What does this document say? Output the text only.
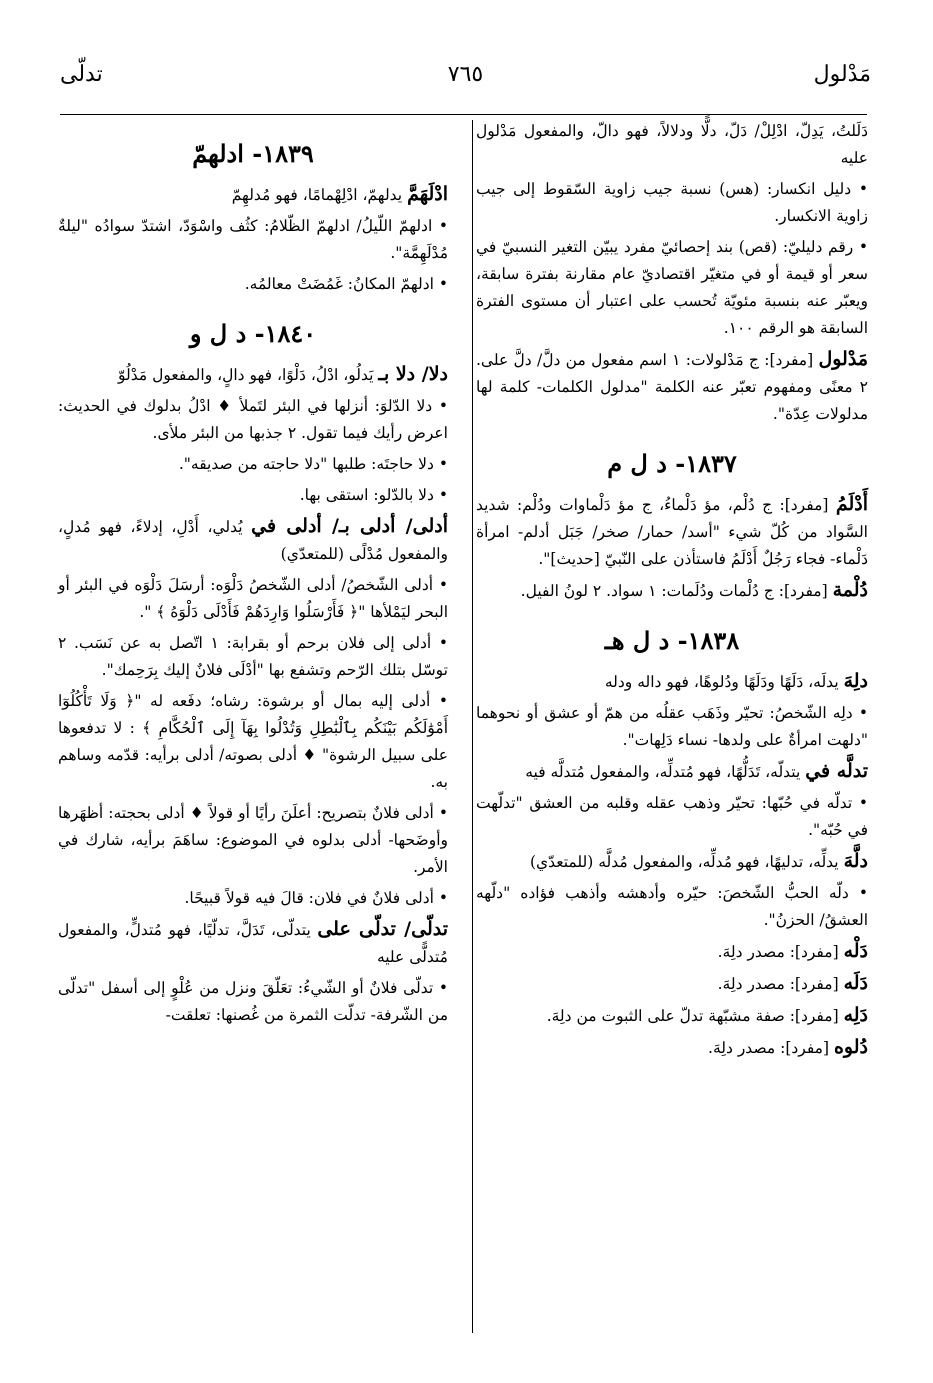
مَدْلول
٧٦٥
تدلّى

دَلَلتُ، يَدِلّ، ادْلِلْ/ دَلّ، دلًّا ودلالاً، فهو دالّ، والمفعول مَدْلول عليه

• دليل انكسار: (هس) نسبة جيب زاوية السّقوط إلى جيب زاوية الانكسار.

• رقم دليليّ: (قص) بند إحصائيّ مفرد يبيّن التغير النسبيّ في سعر أو قيمة أو في متغيّر اقتصاديّ عام مقارنة بفترة سابقة، ويعبّر عنه بنسبة مئويّة تُحسب على اعتبار أن مستوى الفترة السابقة هو الرقم ١٠٠.

مَدْلول [مفرد]: ج مَدْلولات: ١ اسم مفعول من دلَّ/ دلَّ على. ٢ معنًى ومفهوم تعبّر عنه الكلمة "مدلول الكلمات- كلمة لها مدلولات عِدّة".

١٨٣٧- د ل م

أَدْلَمُ [مفرد]: ج دُلْم، مؤ دَلْماءُ، ج مؤ دَلْماوات ودُلْم: شديد السَّواد من كُلّ شيء "أسد/ حمار/ صخر/ جَبَل أدلم- امرأة دَلْماء- فجاء رَجُلٌ أَدْلَمُ فاستأذن على النّبيّ [حديث]".

دُلْمة [مفرد]: ج دُلْمات ودُلَمات: ١ سواد. ٢ لونُ الفيل.

١٨٣٨- د ل هـ

دلِهَ يدلَه، دَلَهًا ودَلَهًا ودُلوهًا، فهو داله ودله

• دلِه الشّخصُ: تحيّر وذَهَب عقلُه من همّ أو عشق أو نحوهما "دلهت امرأةٌ على ولدها- نساء دَلِهات".

تدلَّه في يتدلّه، تَدَلُّهًا، فهو مُتدلِّه، والمفعول مُتدلَّه فيه

• تدلّه في حُبّها: تحيّر وذهب عقله وقلبه من العشق "تدلّهت في حُبّه".

دلَّهَ يدلِّه، تدليهًا، فهو مُدلِّه، والمفعول مُدلَّه (للمتعدّي)

• دلّه الحبُّ الشّخصَ: حيّره وأدهشه وأذهب فؤاده "دلّهه العشقُ/ الحزنُ".

دَلْه [مفرد]: مصدر دلِهَ.

دَلَه [مفرد]: مصدر دلِهَ.

دَلِه [مفرد]: صفة مشبّهة تدلّ على الثبوت من دلِهَ.

دُلوه [مفرد]: مصدر دلِهَ.

١٨٣٩- ادلهمّ

ادْلَهَمَّ يدلهمّ، ادْلِهْمامًا، فهو مُدلهِمّ

• ادلهمّ اللّيلُ/ ادلهمّ الظّلامُ: كثُف واسْوَدّ، اشتدّ سوادُه "ليلةٌ مُدْلَهِمَّة".

• ادلهمّ المكانُ: غَمُضَتْ معالمُه.

١٨٤٠- د ل و

دلا/ دلا بـ يَدلُو، ادْلُ، دَلْوًا، فهو دالٍ، والمفعول مَدْلُوّ

• دلا الدّلوَ: أنزلها في البئر لتَملأ ♦ ادْلُ بدلوك في الحديث: اعرض رأيك فيما تقول. ٢ جذبها من البئر ملأى.

• دلا حاجتَه: طلبها "دلا حاجته من صديقه".

• دلا بالدّلو: استقى بها.

أدلى/ أدلى بـ/ أدلى في يُدلي، أَدْلِ، إدلاءً، فهو مُدلٍ، والمفعول مُدْلًى (للمتعدّي)

• أدلى الشّخصُ/ أدلى الشّخصُ دَلْوَه: أرسَلَ دَلْوَه في البئر أو البحر ليَمْلأها "﴿ فَأَرْسَلُوا وَارِدَهُمْ فَأَدْلَى دَلْوَهُ ﴾ ".

• أدلى إلى فلان برحم أو بقرابة: ١ اتّصل به عن نَسَب. ٢ توسّل بتلك الرّحم وتشفع بها "أدْلَى فلانٌ إليك بِرَحِمك".

• أدلى إليه بمال أو برشوة: رشاه؛ دفَعه له "﴿ وَلَا تَأْكُلُوٓا أَمْوَٰلَكُم بَيْنَكُم بِٱلْبَٰطِلِ وَتُدْلُوا بِهَآ إِلَى ٱلْحُكَّامِ ﴾ : لا تدفعوها على سبيل الرشوة" ♦ أدلى بصوته/ أدلى برأيه: قدّمه وساهم به.

• أدلى فلانٌ بتصريح: أعلَنَ رأيًا أو قولاً ♦ أدلى بحجته: أظهَرها وأوضَحها- أدلى بدلوه في الموضوع: ساهَمَ برأيه، شارك في الأمر.

• أدلى فلانٌ في فلان: قالَ فيه قولاً قبيحًا.

تدلّى/ تدلّى على يتدلّى، تَدَلَّ، تدلّيًا، فهو مُتدلٍّ، والمفعول مُتدلًّى عليه

• تدلّى فلانٌ أو الشّيءُ: تعَلّقَ ونزل من عُلْوٍ إلى أسفل "تدلّى من الشّرفة- تدلّت الثمرة من غُصنها: تعلقت-
